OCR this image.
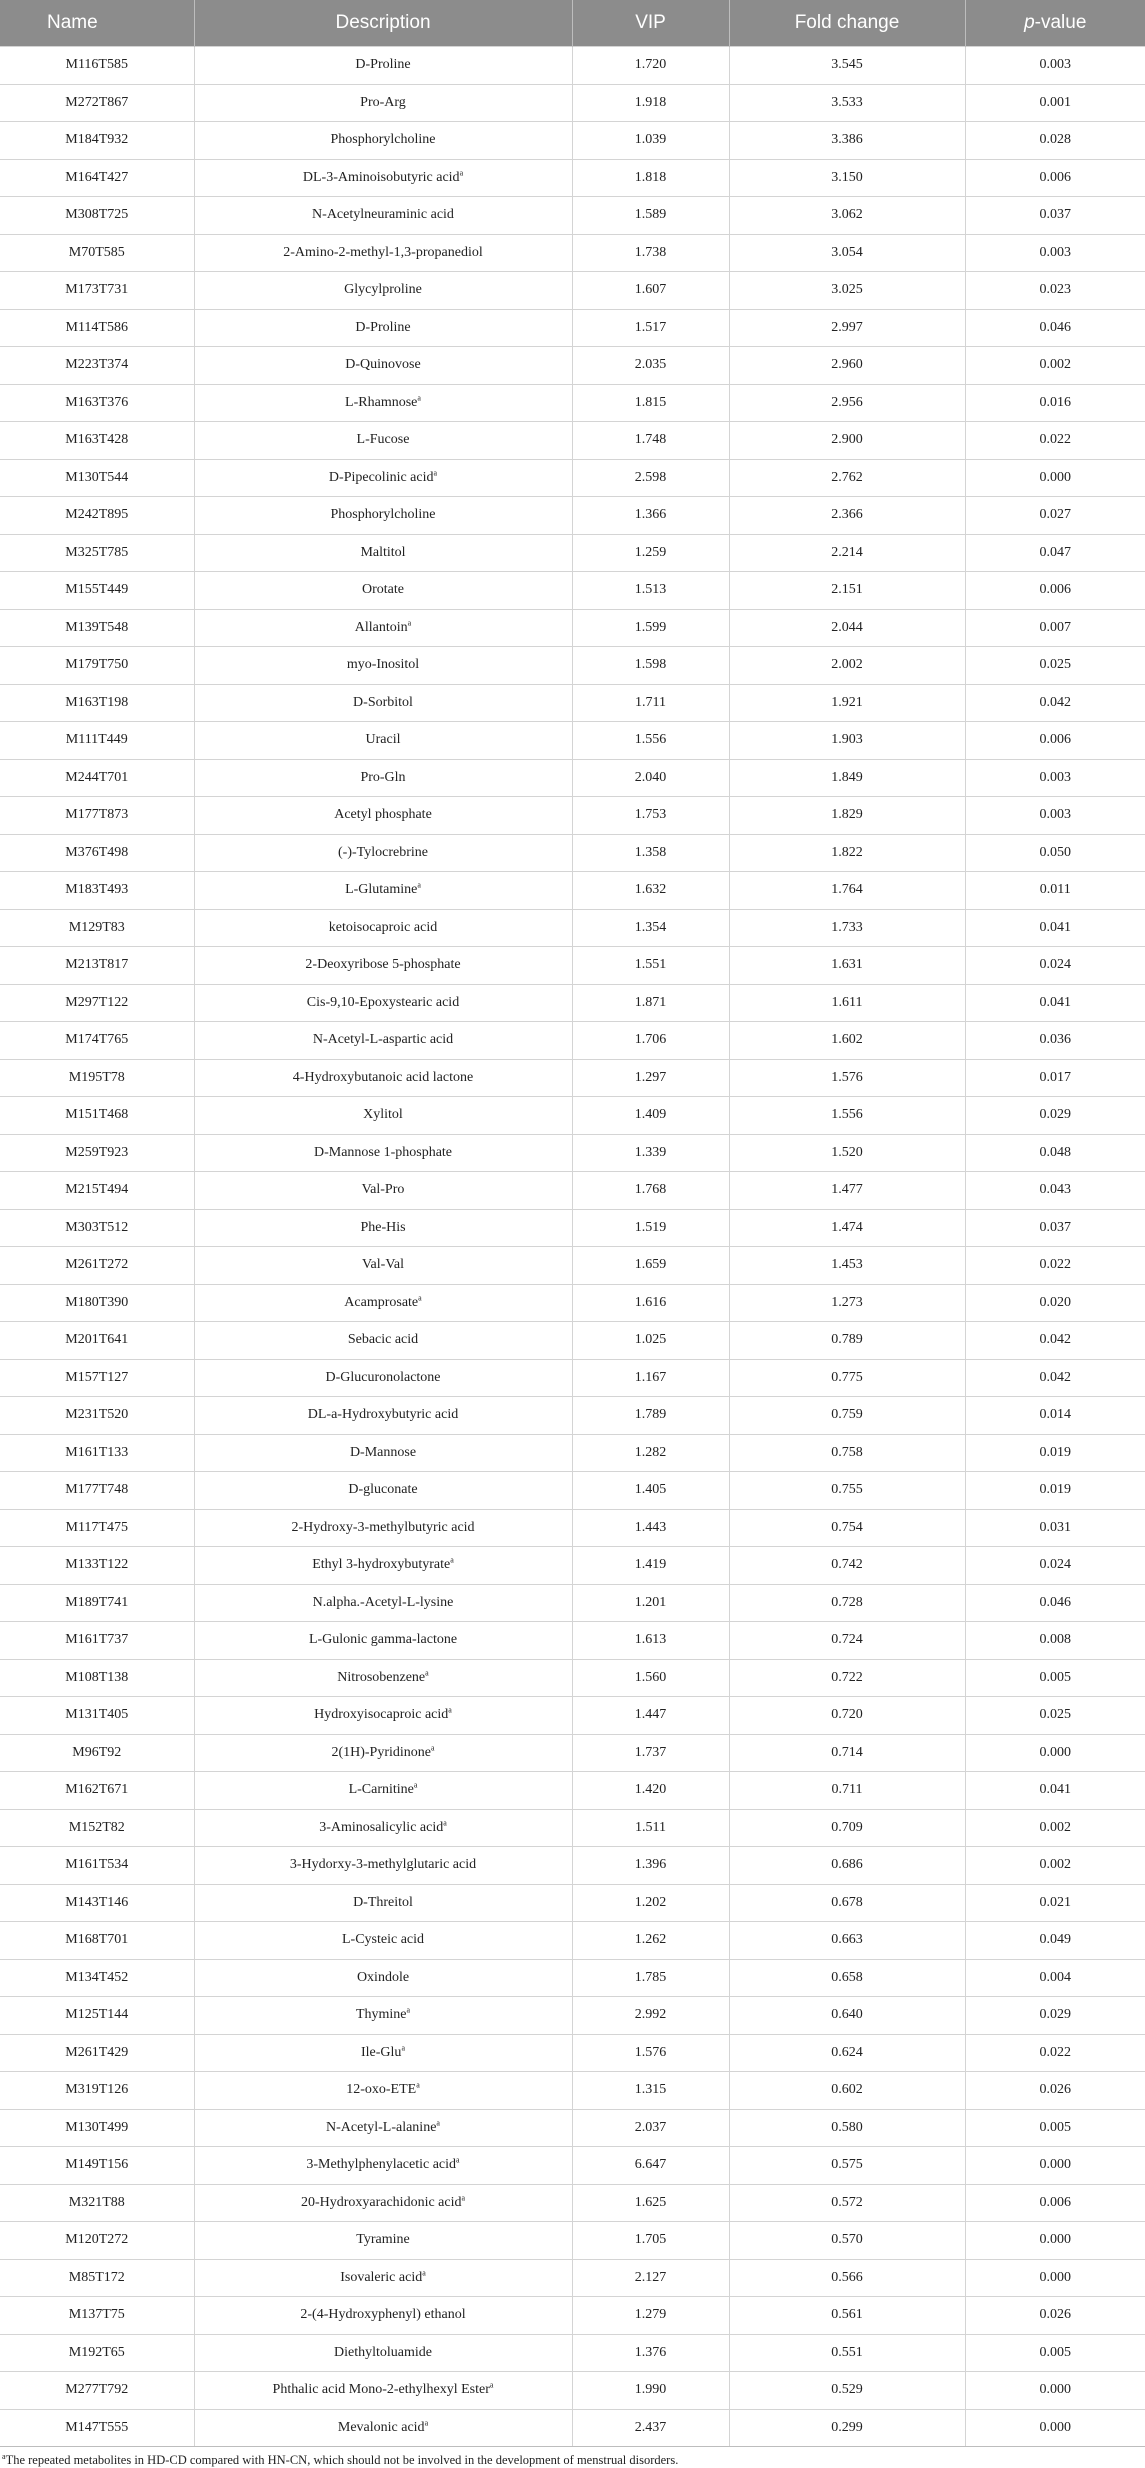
Name	Description	VIP	Fold change	p-value
M116T585	D-Proline	1.720	3.545	0.003
M272T867	Pro-Arg	1.918	3.533	0.001
M184T932	Phosphorylcholine	1.039	3.386	0.028
M164T427	DL-3-Aminoisobutyric acid$^a$	1.818	3.150	0.006
M308T725	N-Acetylneuraminic acid	1.589	3.062	0.037
M70T585	2-Amino-2-methyl-1,3-propanediol	1.738	3.054	0.003
M173T731	Glycylproline	1.607	3.025	0.023
M114T586	D-Proline	1.517	2.997	0.046
M223T374	D-Quinovose	2.035	2.960	0.002
M163T376	L-Rhamnose$^a$	1.815	2.956	0.016
M163T428	L-Fucose	1.748	2.900	0.022
M130T544	D-Pipecolinic acid$^a$	2.598	2.762	0.000
M242T895	Phosphorylcholine	1.366	2.366	0.027
M325T785	Maltitol	1.259	2.214	0.047
M155T449	Orotate	1.513	2.151	0.006
M139T548	Allantoin$^a$	1.599	2.044	0.007
M179T750	myo-Inositol	1.598	2.002	0.025
M163T198	D-Sorbitol	1.711	1.921	0.042
M111T449	Uracil	1.556	1.903	0.006
M244T701	Pro-Gln	2.040	1.849	0.003
M177T873	Acetyl phosphate	1.753	1.829	0.003
M376T498	(-)-Tylocrebrine	1.358	1.822	0.050
M183T493	L-Glutamine$^a$	1.632	1.764	0.011
M129T83	ketoisocaproic acid	1.354	1.733	0.041
M213T817	2-Deoxyribose 5-phosphate	1.551	1.631	0.024
M297T122	Cis-9,10-Epoxystearic acid	1.871	1.611	0.041
M174T765	N-Acetyl-L-aspartic acid	1.706	1.602	0.036
M195T78	4-Hydroxybutanoic acid lactone	1.297	1.576	0.017
M151T468	Xylitol	1.409	1.556	0.029
M259T923	D-Mannose 1-phosphate	1.339	1.520	0.048
M215T494	Val-Pro	1.768	1.477	0.043
M303T512	Phe-His	1.519	1.474	0.037
M261T272	Val-Val	1.659	1.453	0.022
M180T390	Acamprosate$^a$	1.616	1.273	0.020
M201T641	Sebacic acid	1.025	0.789	0.042
M157T127	D-Glucuronolactone	1.167	0.775	0.042
M231T520	DL-a-Hydroxybutyric acid	1.789	0.759	0.014
M161T133	D-Mannose	1.282	0.758	0.019
M177T748	D-gluconate	1.405	0.755	0.019
M117T475	2-Hydroxy-3-methylbutyric acid	1.443	0.754	0.031
M133T122	Ethyl 3-hydroxybutyrate$^a$	1.419	0.742	0.024
M189T741	N.alpha.-Acetyl-L-lysine	1.201	0.728	0.046
M161T737	L-Gulonic gamma-lactone	1.613	0.724	0.008
M108T138	Nitrosobenzene$^a$	1.560	0.722	0.005
M131T405	Hydroxyisocaproic acid$^a$	1.447	0.720	0.025
M96T92	2(1H)-Pyridinone$^a$	1.737	0.714	0.000
M162T671	L-Carnitine$^a$	1.420	0.711	0.041
M152T82	3-Aminosalicylic acid$^a$	1.511	0.709	0.002
M161T534	3-Hydorxy-3-methylglutaric acid	1.396	0.686	0.002
M143T146	D-Threitol	1.202	0.678	0.021
M168T701	L-Cysteic acid	1.262	0.663	0.049
M134T452	Oxindole	1.785	0.658	0.004
M125T144	Thymine$^a$	2.992	0.640	0.029
M261T429	Ile-Glu$^a$	1.576	0.624	0.022
M319T126	12-oxo-ETE$^a$	1.315	0.602	0.026
M130T499	N-Acetyl-L-alanine$^a$	2.037	0.580	0.005
M149T156	3-Methylphenylacetic acid$^a$	6.647	0.575	0.000
M321T88	20-Hydroxyarachidonic acid$^a$	1.625	0.572	0.006
M120T272	Tyramine	1.705	0.570	0.000
M85T172	Isovaleric acid$^a$	2.127	0.566	0.000
M137T75	2-(4-Hydroxyphenyl) ethanol	1.279	0.561	0.026
M192T65	Diethyltoluamide	1.376	0.551	0.005
M277T792	Phthalic acid Mono-2-ethylhexyl Ester$^a$	1.990	0.529	0.000
M147T555	Mevalonic acid$^a$	2.437	0.299	0.000
$^a$The repeated metabolites in HD-CD compared with HN-CN, which should not be involved in the development of menstrual disorders.
